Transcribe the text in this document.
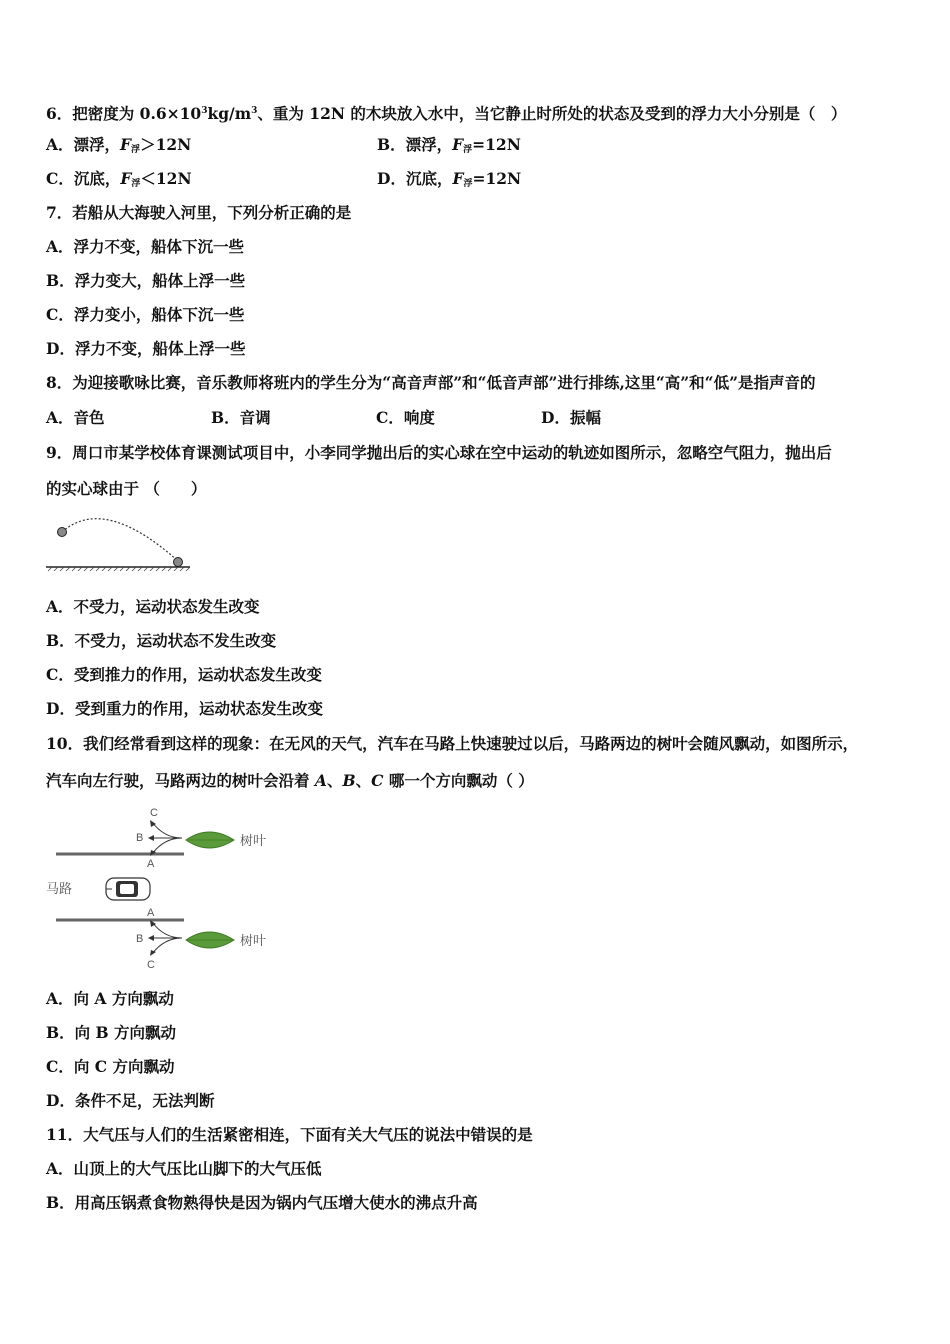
6．把密度为 $0.6\times 10^3kg/m^3$、重为 12N 的木块放入水中，当它静止时所处的状态及受到的浮力大小分别是（　）
A．漂浮，$F_浮>12N$	B．漂浮，$F_浮=12N$
C．沉底，$F_浮<12N$	D．沉底，$F_浮=12N$
7．若船从大海驶入河里，下列分析正确的是
A．浮力不变，船体下沉一些
B．浮力变大，船体上浮一些
C．浮力变小，船体下沉一些
D．浮力不变，船体上浮一些
8．为迎接歌咏比赛，音乐教师将班内的学生分为“高音声部”和“低音声部”进行排练,这里“高”和“低”是指声音的
A．音色	B．音调	C．响度	D．振幅
9．周口市某学校体育课测试项目中，小李同学抛出后的实心球在空中运动的轨迹如图所示，忽略空气阻力，抛出后
的实心球由于 （　　）
A．不受力，运动状态发生改变
B．不受力，运动状态不发生改变
C．受到推力的作用，运动状态发生改变
D．受到重力的作用，运动状态发生改变
10．我们经常看到这样的现象：在无风的天气，汽车在马路上快速驶过以后，马路两边的树叶会随风飘动，如图所示，
汽车向左行驶，马路两边的树叶会沿着 A、B、C 哪一个方向飘动（ ）
C
B
A
树叶
马路
A
B
C
树叶
A．向 A 方向飘动
B．向 B 方向飘动
C．向 C 方向飘动
D．条件不足，无法判断
11．大气压与人们的生活紧密相连，下面有关大气压的说法中错误的是
A．山顶上的大气压比山脚下的大气压低
B．用高压锅煮食物熟得快是因为锅内气压增大使水的沸点升高
